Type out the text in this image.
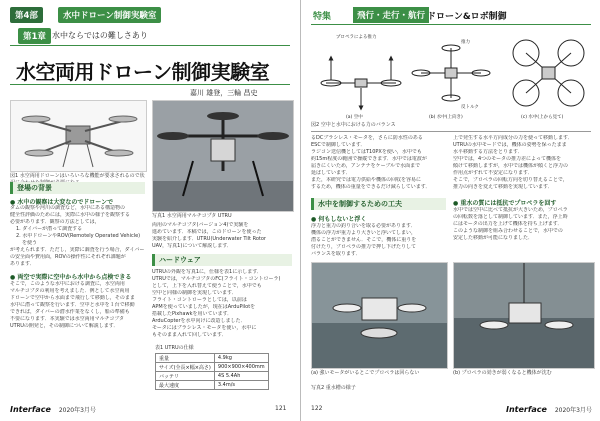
第4部	水中ドローン制御実験室
第1章 水中ならではの難しさあり
水空両用ドローン制御実験室
嘉川 雄登，三輪 昌史
図1 水空両用ドローンはいろいろな機能が要求されるので状
写真1 水空両用マルチコプタ UTRU
登場の背景
● 水中の観察は大変なのでドローンで
ダムの観察や河川の調査など，水中にある構造物の
健全性評価のためには，実際に水中の様子を観察する
必要があります．観察の方法としては，
1. ダイバーが潜って調査する
2. 水中ドローンやROV(Remotely Operated Vehicle)
を使う
が考えられます．ただし，実際に調査を行う場合，ダイバー
の安全面や費用面，ROVの操作性にそれぞれ課題が
あります．
● 両空で実際に空中から水中から点検できる
そこで，このような水中における調査に，水空両用
マルチコプタの利用を考えました．例として水空両用
ドローンで空中から水面まで飛行して移動し，そのまま
水中に潜って観察を行います．空中と水中を１台で移動
できれば，ダイバーの潜水作業をなくし，船の準備も
不要になります．本実験では水空両用マルチコプタ
UTRUの開発と，その制御について解説します．
両用のマルチコプタ(バージョン4)で実験を
進めています．本稿では，このドローンを使った
実験を紹介します．UTRU(Underwater Tilt Rotor
UAV，写真1)について解説します．
ハードウェア
UTRUの外観を写真1に，仕様を表1に示します．
UTRUでは，マルチコプタのFC(フライト・コントローラ)
として，上下を入れ替えて使うことで，水中でも
空中と同様の制御を実現しています．
フライト・コントローラとしては，以前は
APMを使っていましたが，現在はArduPilotを
搭載したPixhawkを用いています．
ArduCopterを水中向けに改造しました．
モータにはブラシレス・モータを使い，水中に
もそのまま入れて回しています．
表1 UTRUの仕様
重量	4.9kg
サイズ(全長×幅×高さ)	900×900×400mm
バッテリ	4S 5.4Ah
最大速度	3.4m/s
Interface 2020年3月号	121
特集	飛行・走行・航行 ドローン&ロボ制御
プロペラによる推力
(a) 空中
推力
反トルク
(b) 水中(上向き)	(c) 水中(上から見て)
図2 空中と水中における力のバランス
るDCブラシレス・モータを，さらに防水性のある
ESCで制御しています．
ラジコン送信機としてはT10PXを使い，水中でも
約15m程度の範囲で操縦できます．水中では電波が
届きにくいため，アンテナをケーブルで水面まで
延ばしています．
また，本研究では電力供給や機体の回収を容易に
するため，機体の重量をできるだけ減らしています．
水中を制御するための工夫
● 何もしないと浮く
浮力と重力の釣り合いを取る必要があります．
機体の浮力が重力より大きいと浮いてしまい，
潜ることができません．そこで，機体に重りを
付けたり，プロペラの推力で押し下げたりして
バランスを取ります．
上で発生する水平方向成分の力を使って移動します．
UTRUの水中モードでは，機体の姿勢を保ったまま
水平移動する方法をとります．
空中では，4つのモータの推力差によって機体を
傾けて移動しますが，水中では機体が傾くと浮力の
作用点がずれて不安定になります．
そこで，プロペラの回転方向を切り替えることで，
推力の向きを変えて移動を実現しています．
● 重水の質には抵抗でプロペラを回す
水中では空中に比べて抵抗が大きいため，プロペラ
の回転数を落として制御しています．また，浮上時
にはモータの出力を上げて機体を持ち上げます．
このような制御を組み合わせることで，水中での
安定した移動が可能になりました．
(a) 強いモータがいるとこでプロペラは回らない	(b) プロペラの効きが弱くなると機体が沈む
写真2 重水槽の様子
122	Interface 2020年3月号
